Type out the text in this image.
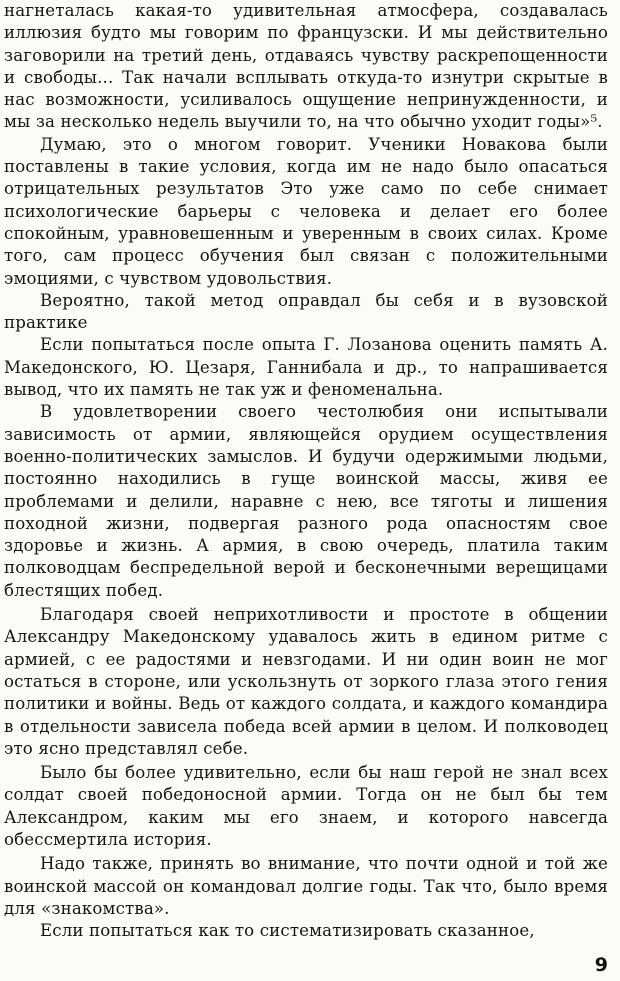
нагнеталась какая-то удивительная атмосфера, создавалась иллюзия будто мы говорим по французски. И мы действительно заговорили на третий день, отдаваясь чувству раскрепощенности и свободы... Так начали всплывать откуда-то изнутри скрытые в нас возможности, усиливалось ощущение непринужденности, и мы за несколько недель выучили то, на что обычно уходит годы»⁵.

Думаю, это о многом говорит. Ученики Новакова были поставлены в такие условия, когда им не надо было опасаться отрицательных результатов Это уже само по себе снимает психологические барьеры с человека и делает его более спокойным, уравновешенным и уверенным в своих силах. Кроме того, сам процесс обучения был связан с положительными эмоциями, с чувством удовольствия.

Вероятно, такой метод оправдал бы себя и в вузовской практике

Если попытаться после опыта Г. Лозанова оценить память А. Македонского, Ю. Цезаря, Ганнибала и др., то напрашивается вывод, что их память не так уж и феноменальна.

В удовлетворении своего честолюбия они испытывали зависимость от армии, являющейся орудием осуществления военно-политических замыслов. И будучи одержимыми людьми, постоянно находились в гуще воинской массы, живя ее проблемами и делили, наравне с нею, все тяготы и лишения походной жизни, подвергая разного рода опасностям свое здоровье и жизнь. А армия, в свою очередь, платила таким полководцам беспредельной верой и бесконечными верещицами блестящих побед.

Благодаря своей неприхотливости и простоте в общении Александру Македонскому удавалось жить в едином ритме с армией, с ее радостями и невзгодами. И ни один воин не мог остаться в стороне, или ускользнуть от зоркого глаза этого гения политики и войны. Ведь от каждого солдата, и каждого командира в отдельности зависела победа всей армии в целом. И полководец это ясно представлял себе.

Было бы более удивительно, если бы наш герой не знал всех солдат своей победоносной армии. Тогда он не был бы тем Александром, каким мы его знаем, и которого навсегда обессмертила история.

Надо также, принять во внимание, что почти одной и той же воинской массой он командовал долгие годы. Так что, было время для «знакомства».

Если попытаться как то систематизировать сказанное,

9
